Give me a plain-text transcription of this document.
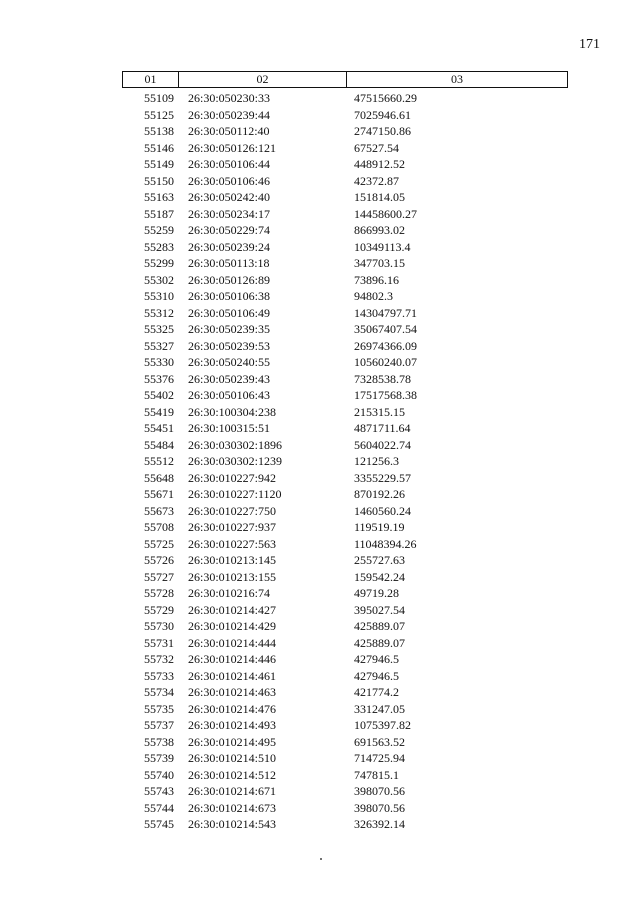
171
01	02	03
55109	26:30:050230:33	47515660.29
55125	26:30:050239:44	7025946.61
55138	26:30:050112:40	2747150.86
55146	26:30:050126:121	67527.54
55149	26:30:050106:44	448912.52
55150	26:30:050106:46	42372.87
55163	26:30:050242:40	151814.05
55187	26:30:050234:17	14458600.27
55259	26:30:050229:74	866993.02
55283	26:30:050239:24	10349113.4
55299	26:30:050113:18	347703.15
55302	26:30:050126:89	73896.16
55310	26:30:050106:38	94802.3
55312	26:30:050106:49	14304797.71
55325	26:30:050239:35	35067407.54
55327	26:30:050239:53	26974366.09
55330	26:30:050240:55	10560240.07
55376	26:30:050239:43	7328538.78
55402	26:30:050106:43	17517568.38
55419	26:30:100304:238	215315.15
55451	26:30:100315:51	4871711.64
55484	26:30:030302:1896	5604022.74
55512	26:30:030302:1239	121256.3
55648	26:30:010227:942	3355229.57
55671	26:30:010227:1120	870192.26
55673	26:30:010227:750	1460560.24
55708	26:30:010227:937	119519.19
55725	26:30:010227:563	11048394.26
55726	26:30:010213:145	255727.63
55727	26:30:010213:155	159542.24
55728	26:30:010216:74	49719.28
55729	26:30:010214:427	395027.54
55730	26:30:010214:429	425889.07
55731	26:30:010214:444	425889.07
55732	26:30:010214:446	427946.5
55733	26:30:010214:461	427946.5
55734	26:30:010214:463	421774.2
55735	26:30:010214:476	331247.05
55737	26:30:010214:493	1075397.82
55738	26:30:010214:495	691563.52
55739	26:30:010214:510	714725.94
55740	26:30:010214:512	747815.1
55743	26:30:010214:671	398070.56
55744	26:30:010214:673	398070.56
55745	26:30:010214:543	326392.14
